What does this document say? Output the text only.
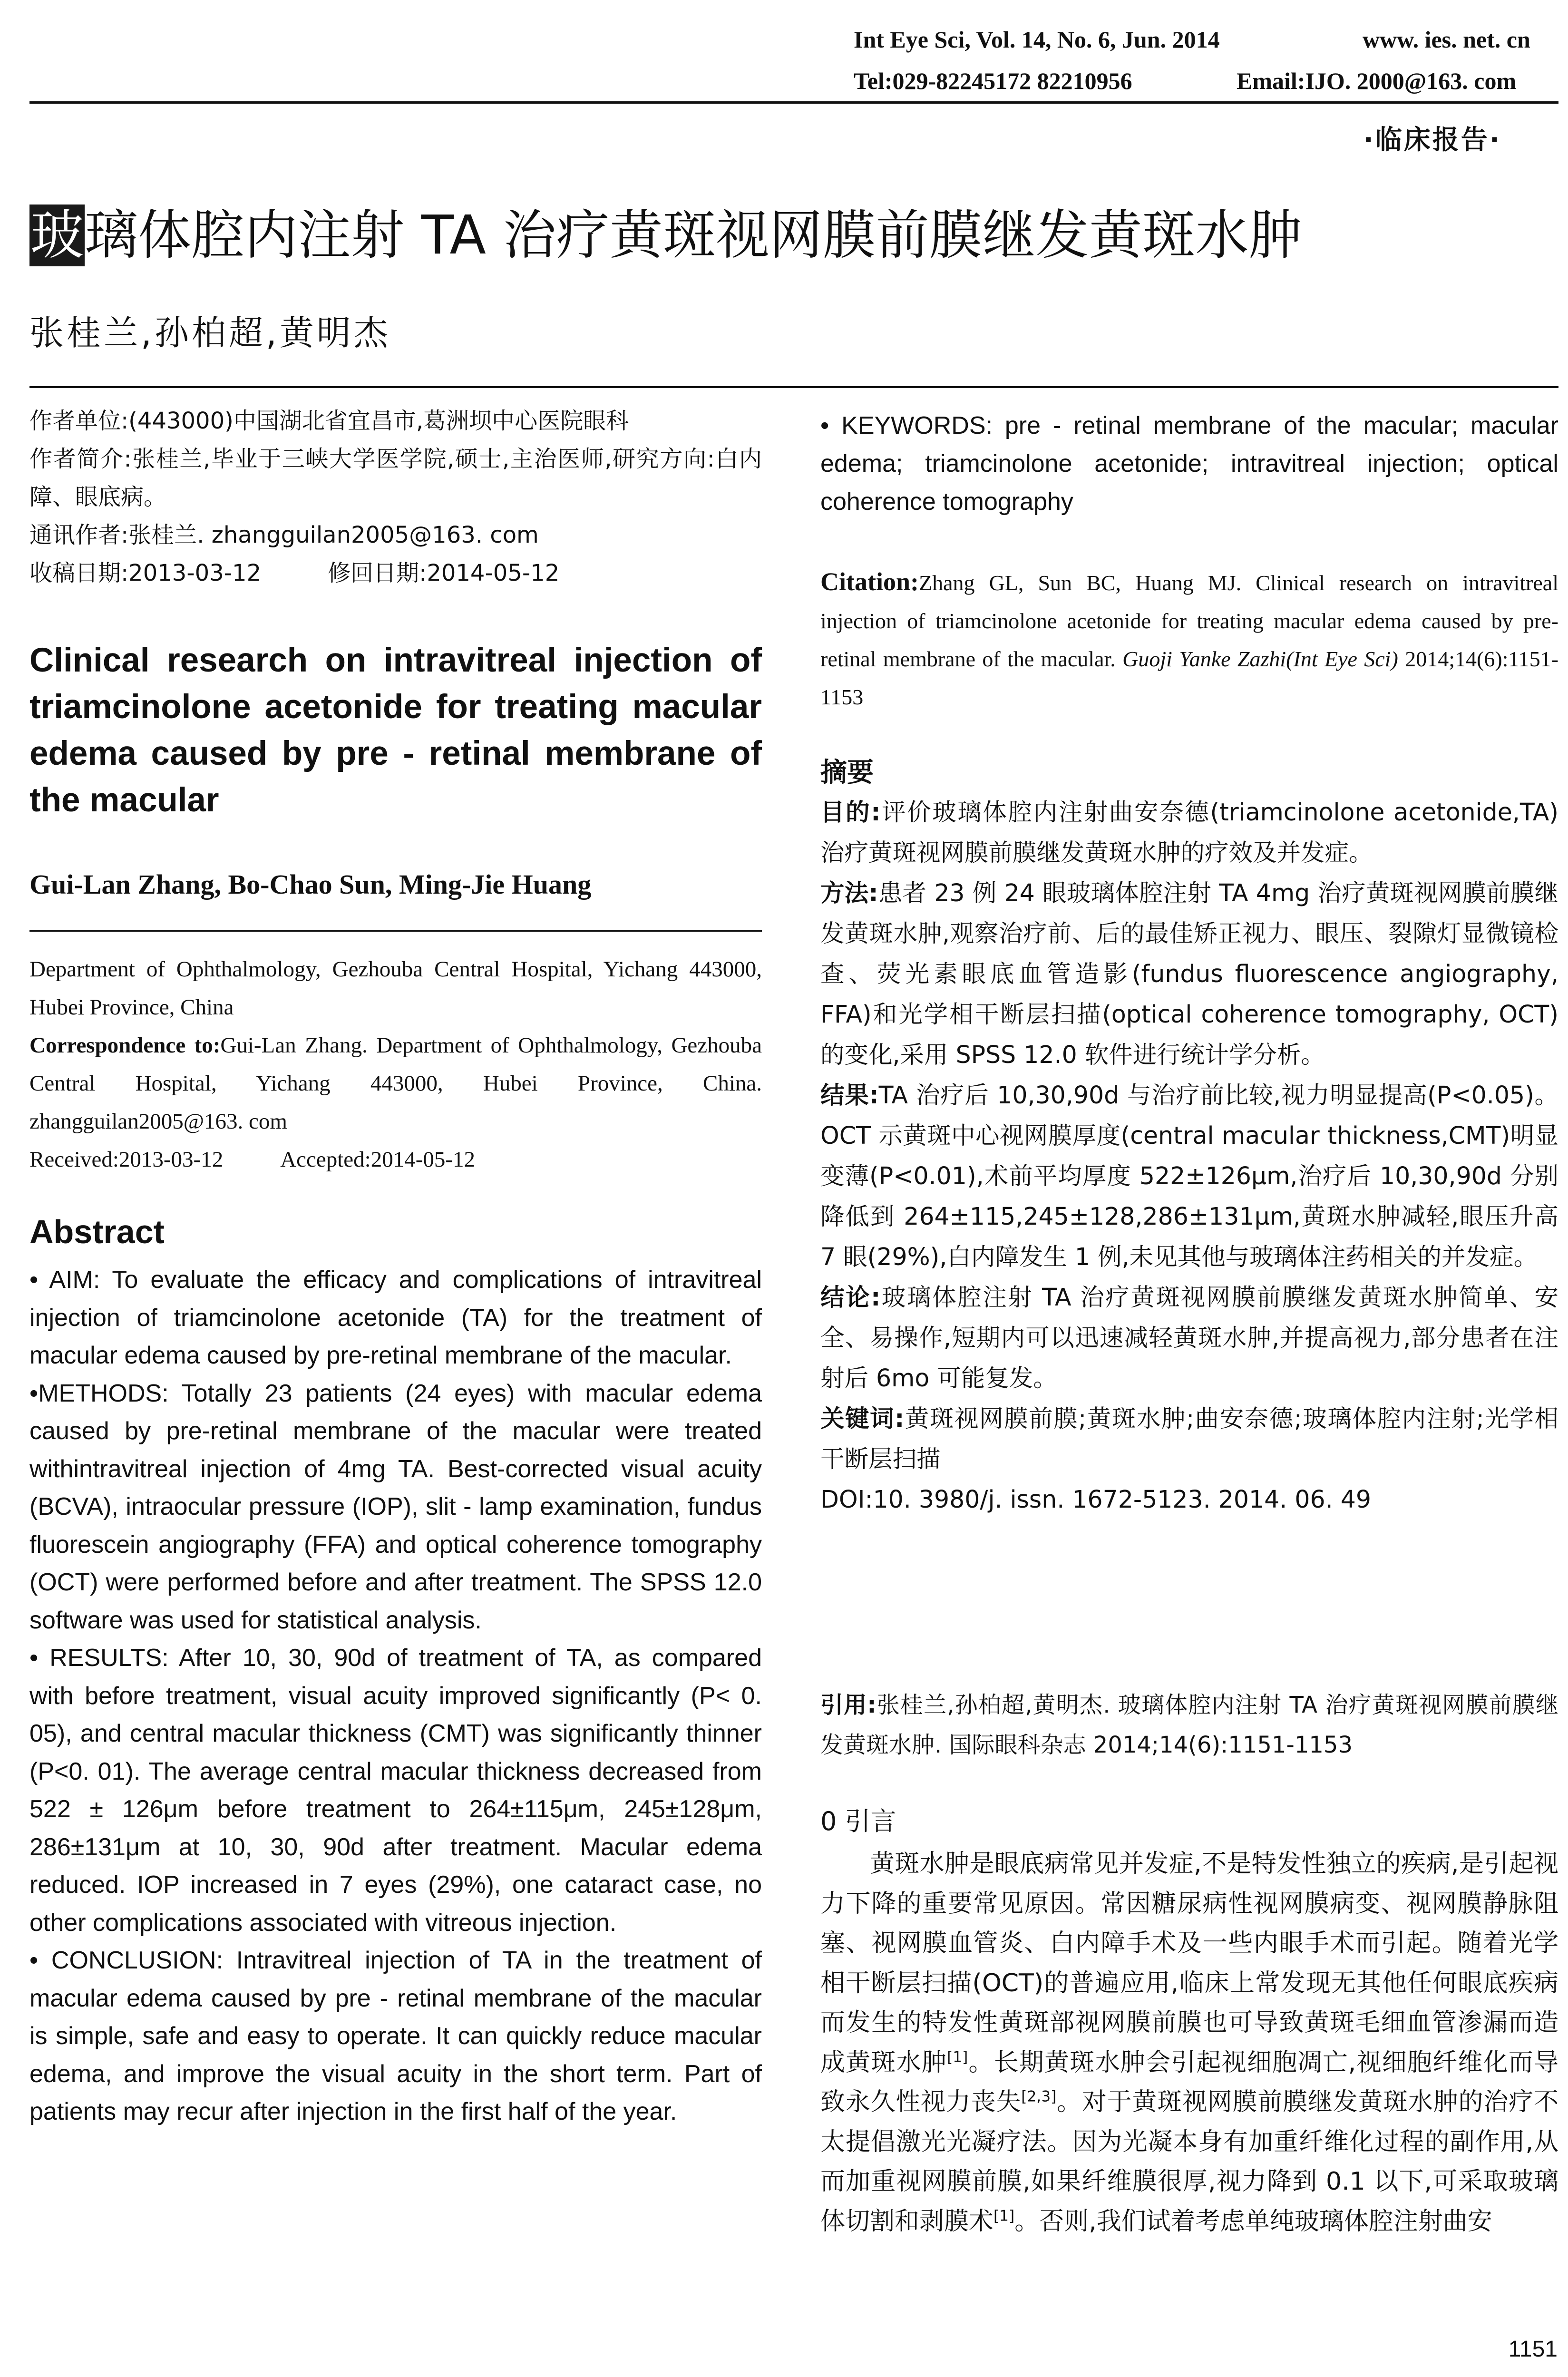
Int Eye Sci, Vol. 14, No. 6, Jun. 2014	www. ies. net. cn
Tel:029-82245172 82210956	Email:IJO. 2000@163. com
·临床报告·
玻璃体腔内注射 TA 治疗黄斑视网膜前膜继发黄斑水肿
张桂兰,孙柏超,黄明杰

作者单位:(443000)中国湖北省宜昌市,葛洲坝中心医院眼科

作者简介:张桂兰,毕业于三峡大学医学院,硕士,主治医师,研究方向:白内障、眼底病。

通讯作者:张桂兰. zhangguilan2005@163. com

收稿日期:2013-03-12	修回日期:2014-05-12

Clinical research on intravitreal injection of triamcinolone acetonide for treating macular edema caused by pre - retinal membrane of the macular
Gui-Lan Zhang, Bo-Chao Sun, Ming-Jie Huang

Department of Ophthalmology, Gezhouba Central Hospital, Yichang 443000, Hubei Province, China

Correspondence to:Gui-Lan Zhang. Department of Ophthalmology, Gezhouba Central Hospital, Yichang 443000, Hubei Province, China. zhangguilan2005@163. com

Received:2013-03-12	Accepted:2014-05-12

Abstract

• AIM: To evaluate the efficacy and complications of intravitreal injection of triamcinolone acetonide (TA) for the treatment of macular edema caused by pre-retinal membrane of the macular.

•METHODS: Totally 23 patients (24 eyes) with macular edema caused by pre-retinal membrane of the macular were treated withintravitreal injection of 4mg TA. Best-corrected visual acuity (BCVA), intraocular pressure (IOP), slit - lamp examination, fundus fluorescein angiography (FFA) and optical coherence tomography (OCT) were performed before and after treatment. The SPSS 12.0 software was used for statistical analysis.

• RESULTS: After 10, 30, 90d of treatment of TA, as compared with before treatment, visual acuity improved significantly (P< 0. 05), and central macular thickness (CMT) was significantly thinner (P<0. 01). The average central macular thickness decreased from 522 ± 126μm before treatment to 264±115μm, 245±128μm, 286±131μm at 10, 30, 90d after treatment. Macular edema reduced. IOP increased in 7 eyes (29%), one cataract case, no other complications associated with vitreous injection.

• CONCLUSION: Intravitreal injection of TA in the treatment of macular edema caused by pre - retinal membrane of the macular is simple, safe and easy to operate. It can quickly reduce macular edema, and improve the visual acuity in the short term. Part of patients may recur after injection in the first half of the year.

• KEYWORDS: pre - retinal membrane of the macular; macular edema; triamcinolone acetonide; intravitreal injection; optical coherence tomography
Citation:Zhang GL, Sun BC, Huang MJ. Clinical research on intravitreal injection of triamcinolone acetonide for treating macular edema caused by pre-retinal membrane of the macular. Guoji Yanke Zazhi(Int Eye Sci) 2014;14(6):1151-1153
摘要

目的:评价玻璃体腔内注射曲安奈德(triamcinolone acetonide,TA)治疗黄斑视网膜前膜继发黄斑水肿的疗效及并发症。

方法:患者 23 例 24 眼玻璃体腔注射 TA 4mg 治疗黄斑视网膜前膜继发黄斑水肿,观察治疗前、后的最佳矫正视力、眼压、裂隙灯显微镜检查、荧光素眼底血管造影(fundus fluorescence angiography, FFA)和光学相干断层扫描(optical coherence tomography, OCT)的变化,采用 SPSS 12.0 软件进行统计学分析。

结果:TA 治疗后 10,30,90d 与治疗前比较,视力明显提高(P<0.05)。OCT 示黄斑中心视网膜厚度(central macular thickness,CMT)明显变薄(P<0.01),术前平均厚度 522±126μm,治疗后 10,30,90d 分别降低到 264±115,245±128,286±131μm,黄斑水肿减轻,眼压升高 7 眼(29%),白内障发生 1 例,未见其他与玻璃体注药相关的并发症。

结论:玻璃体腔注射 TA 治疗黄斑视网膜前膜继发黄斑水肿简单、安全、易操作,短期内可以迅速减轻黄斑水肿,并提高视力,部分患者在注射后 6mo 可能复发。

关键词:黄斑视网膜前膜;黄斑水肿;曲安奈德;玻璃体腔内注射;光学相干断层扫描

DOI:10. 3980/j. issn. 1672-5123. 2014. 06. 49

引用:张桂兰,孙柏超,黄明杰. 玻璃体腔内注射 TA 治疗黄斑视网膜前膜继发黄斑水肿. 国际眼科杂志 2014;14(6):1151-1153
0 引言
黄斑水肿是眼底病常见并发症,不是特发性独立的疾病,是引起视力下降的重要常见原因。常因糖尿病性视网膜病变、视网膜静脉阻塞、视网膜血管炎、白内障手术及一些内眼手术而引起。随着光学相干断层扫描(OCT)的普遍应用,临床上常发现无其他任何眼底疾病而发生的特发性黄斑部视网膜前膜也可导致黄斑毛细血管渗漏而造成黄斑水肿[1]。长期黄斑水肿会引起视细胞凋亡,视细胞纤维化而导致永久性视力丧失[2,3]。对于黄斑视网膜前膜继发黄斑水肿的治疗不太提倡激光光凝疗法。因为光凝本身有加重纤维化过程的副作用,从而加重视网膜前膜,如果纤维膜很厚,视力降到 0.1 以下,可采取玻璃体切割和剥膜术[1]。否则,我们试着考虑单纯玻璃体腔注射曲安
1151
